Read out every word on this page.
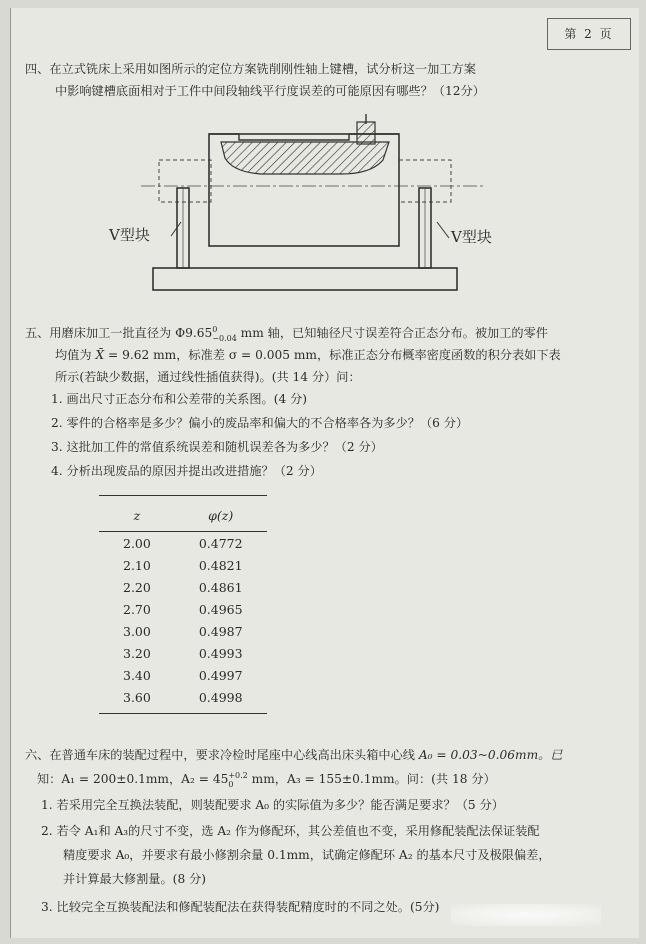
第 2 页
四、在立式铣床上采用如图所示的定位方案铣削刚性轴上键槽，试分析这一加工方案
中影响键槽底面相对于工件中间段轴线平行度误差的可能原因有哪些？（12分）
V型块	V型块
五、用磨床加工一批直径为 Φ9.65 0
−0.04 mm 轴，已知轴径尺寸误差符合正态分布。被加工的零件
均值为 X̄ = 9.62 mm，标准差 σ = 0.005 mm，标准正态分布概率密度函数的积分表如下表
所示(若缺少数据，通过线性插值获得)。(共 14 分）问：
1. 画出尺寸正态分布和公差带的关系图。(4 分)
2. 零件的合格率是多少？偏小的废品率和偏大的不合格率各为多少？（6 分）
3. 这批加工件的常值系统误差和随机误差各为多少？（2 分）
4. 分析出现废品的原因并提出改进措施？（2 分）
z	φ(z)
2.00	0.4772
2.10	0.4821
2.20	0.4861
2.70	0.4965
3.00	0.4987
3.20	0.4993
3.40	0.4997
3.60	0.4998
六、在普通车床的装配过程中，要求冷检时尾座中心线高出床头箱中心线 A₀ = 0.03~0.06mm。已
知：A₁ = 200±0.1mm，A₂ = 45 +0.2
0	mm，A₃ = 155±0.1mm。问：(共 18 分）
1. 若采用完全互换法装配，则装配要求 A₀ 的实际值为多少？能否满足要求？（5 分）
2. 若令 A₁和 A₃的尺寸不变，选 A₂ 作为修配环，其公差值也不变，采用修配装配法保证装配
精度要求 A₀，并要求有最小修割余量 0.1mm，试确定修配环 A₂ 的基本尺寸及极限偏差，
并计算最大修割量。(8 分)
3. 比较完全互换装配法和修配装配法在获得装配精度时的不同之处。(5分)
